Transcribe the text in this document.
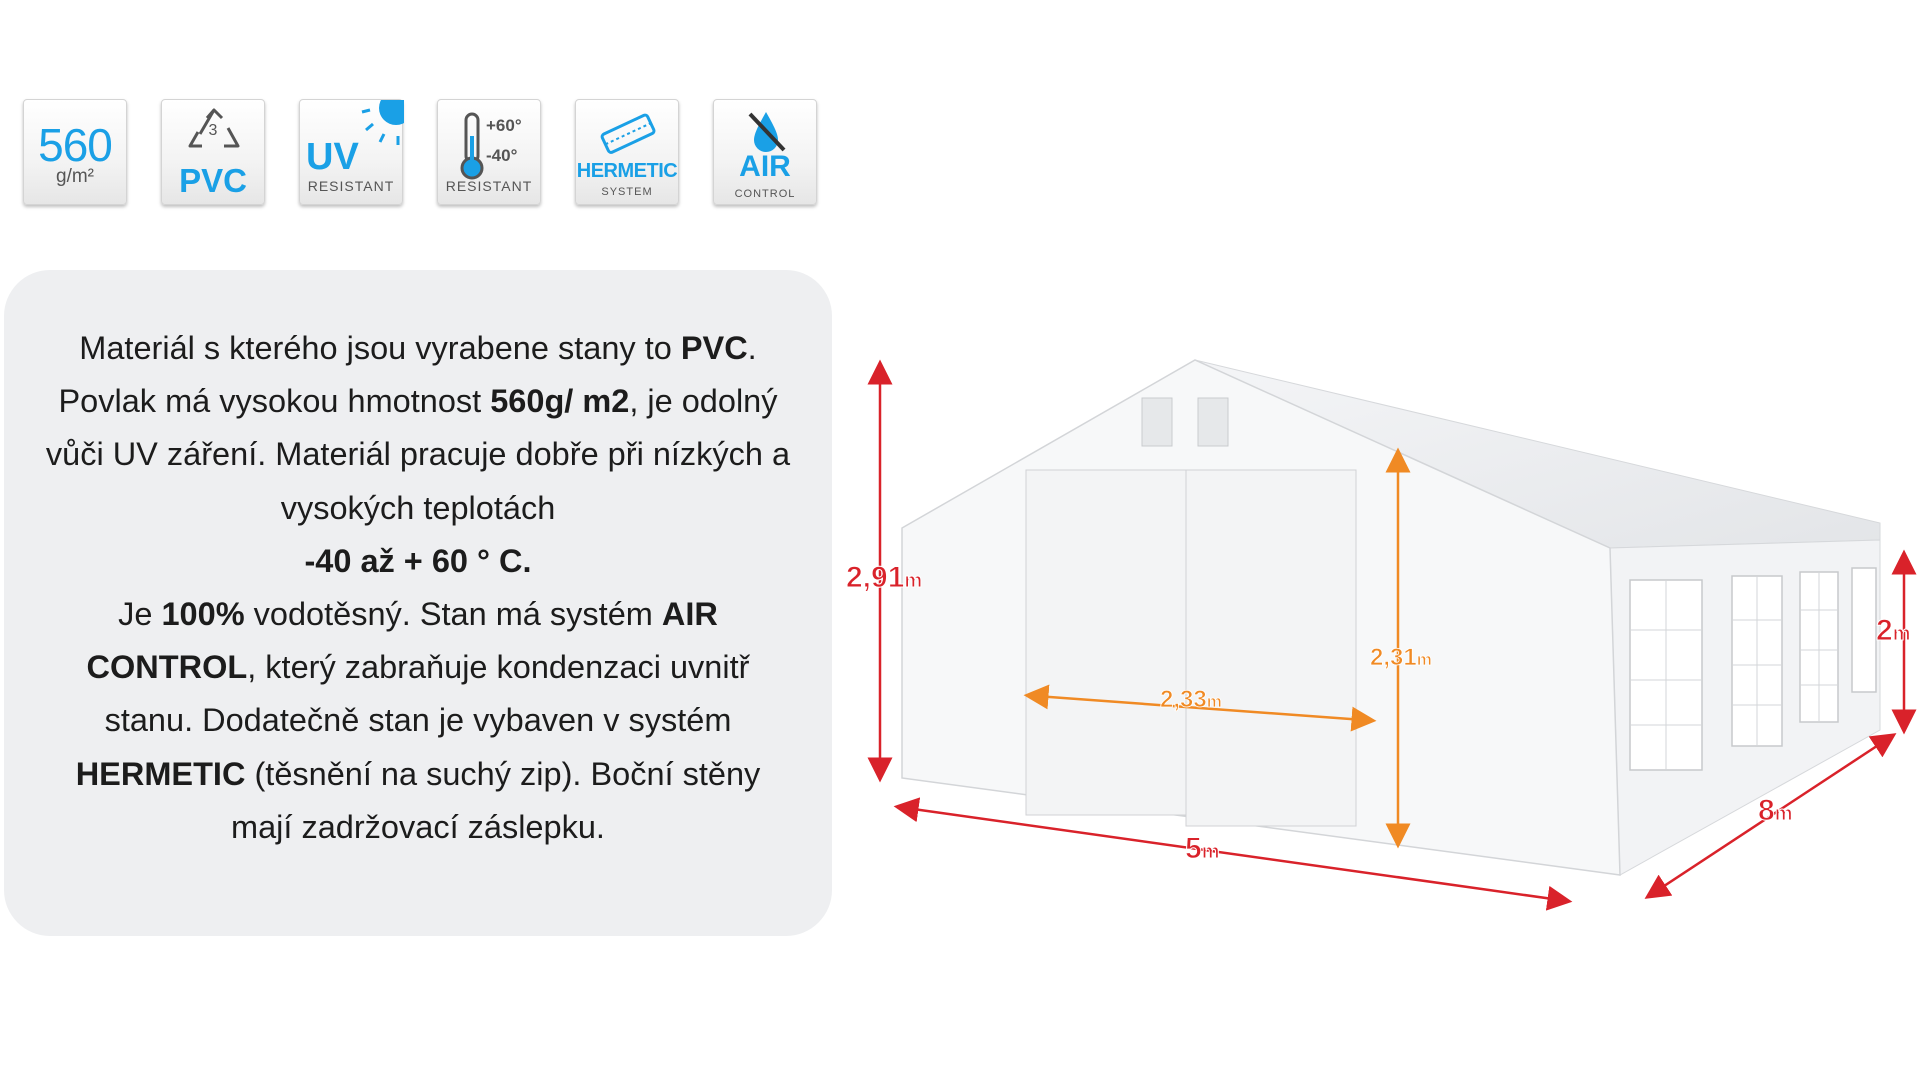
560
g/m²
3
PVC
UV
RESISTANT
+60°
-40°
RESISTANT
HERMETIC
SYSTEM
AIR
CONTROL
Materiál s kterého jsou vyrabene stany to PVC. Povlak má vysokou hmotnost 560g/ m2, je odolný vůči UV záření. Materiál pracuje dobře při nízkých a vysokých teplotách
-40 až + 60 ° C.
Je 100% vodotěsný. Stan má systém AIR CONTROL, který zabraňuje kondenzaci uvnitř stanu. Dodatečně stan je vybaven v systém HERMETIC (těsnění na suchý zip). Boční stěny mají zadržovací záslepku.
2,91m
2,31m
2,33m
2m
5m
8m
